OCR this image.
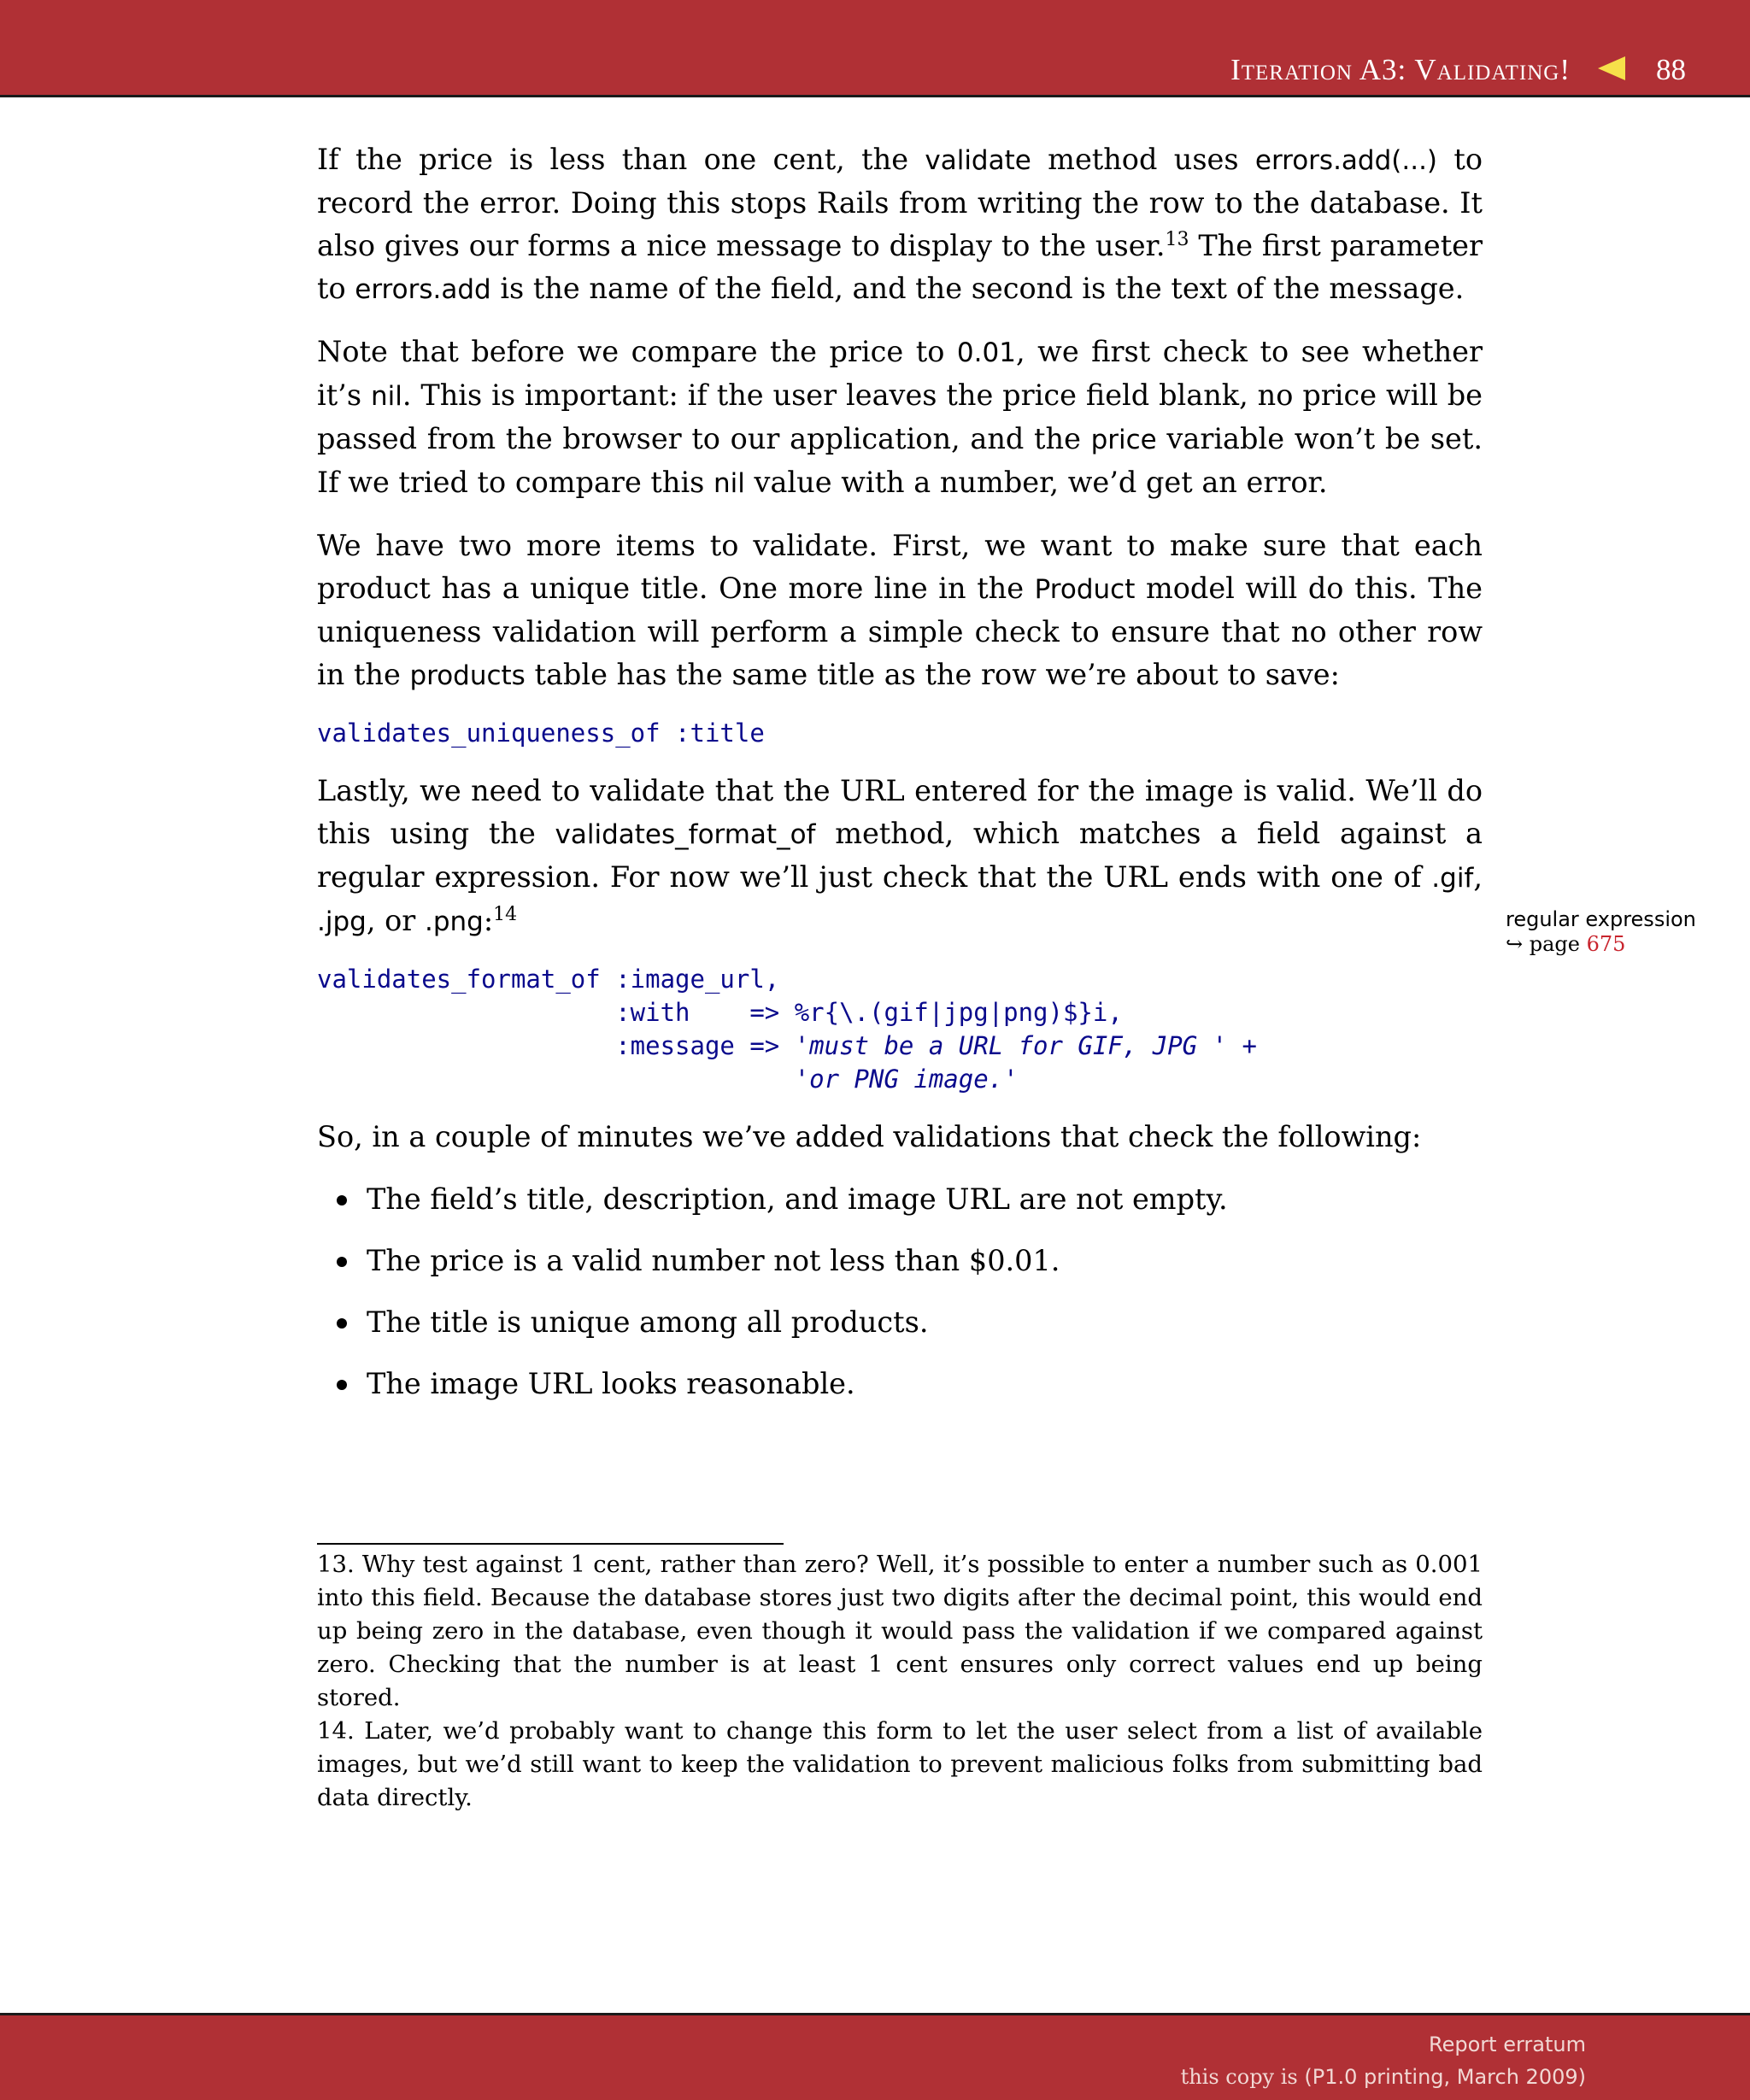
Iteration A3: Validating!	88

If the price is less than one cent, the validate method uses errors.add(...) to record the error. Doing this stops Rails from writing the row to the database. It also gives our forms a nice message to display to the user.$^{13}$ The first parameter to errors.add is the name of the field, and the second is the text of the message.

Note that before we compare the price to 0.01, we first check to see whether it’s nil. This is important: if the user leaves the price field blank, no price will be passed from the browser to our application, and the price variable won’t be set. If we tried to compare this nil value with a number, we’d get an error.

We have two more items to validate. First, we want to make sure that each product has a unique title. One more line in the Product model will do this. The uniqueness validation will perform a simple check to ensure that no other row in the products table has the same title as the row we’re about to save:

validates_uniqueness_of :title

Lastly, we need to validate that the URL entered for the image is valid. We’ll do this using the validates_format_of method, which matches a field against a regular expression. For now we’ll just check that the URL ends with one of .gif, .jpg, or .png:$^{14}$

validates_format_of :image_url,
:with    => %r{\.(gif|jpg|png)$}i,
:message => 'must be a URL for GIF, JPG ' +
'or PNG image.'

So, in a couple of minutes we’ve added validations that check the following:

The field’s title, description, and image URL are not empty.
The price is a valid number not less than $0.01.
The title is unique among all products.
The image URL looks reasonable.
regular expression
↪ page 675

13. Why test against 1 cent, rather than zero? Well, it’s possible to enter a number such as 0.001 into this field. Because the database stores just two digits after the decimal point, this would end up being zero in the database, even though it would pass the validation if we compared against zero. Checking that the number is at least 1 cent ensures only correct values end up being stored.

14. Later, we’d probably want to change this form to let the user select from a list of available images, but we’d still want to keep the validation to prevent malicious folks from submitting bad data directly.

Report erratum
this copy is (P1.0 printing, March 2009)
